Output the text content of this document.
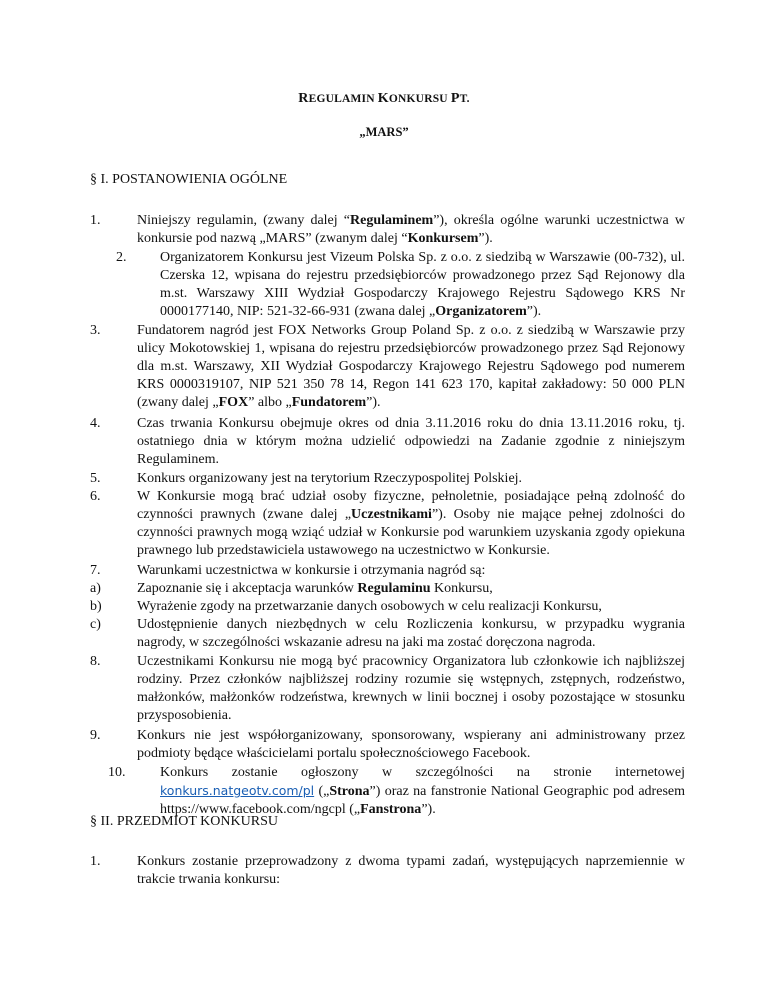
REGULAMIN KONKURSU PT.
„MARS”
§ I. POSTANOWIENIA OGÓLNE
1.	Niniejszy regulamin, (zwany dalej “Regulaminem”), określa ogólne warunki uczestnictwa w konkursie pod nazwą „MARS” (zwanym dalej “Konkursem”).
2. Organizatorem Konkursu jest Vizeum Polska Sp. z o.o. z siedzibą w Warszawie (00-732), ul. Czerska 12, wpisana do rejestru przedsiębiorców prowadzonego przez Sąd Rejonowy dla m.st. Warszawy XIII Wydział Gospodarczy Krajowego Rejestru Sądowego KRS Nr 0000177140, NIP: 521-32-66-931 (zwana dalej „Organizatorem”).
3.	Fundatorem nagród jest FOX Networks Group Poland Sp. z o.o. z siedzibą w Warszawie przy ulicy Mokotowskiej 1, wpisana do rejestru przedsiębiorców prowadzonego przez Sąd Rejonowy dla m.st. Warszawy, XII Wydział Gospodarczy Krajowego Rejestru Sądowego pod numerem KRS 0000319107, NIP 521 350 78 14, Regon 141 623 170, kapitał zakładowy: 50 000 PLN (zwany dalej „FOX” albo „Fundatorem”).
4.	Czas trwania Konkursu obejmuje okres od dnia 3.11.2016 roku do dnia 13.11.2016 roku, tj. ostatniego dnia w którym można udzielić odpowiedzi na Zadanie zgodnie z niniejszym Regulaminem.
5.	Konkurs organizowany jest na terytorium Rzeczypospolitej Polskiej.
6.	W Konkursie mogą brać udział osoby fizyczne, pełnoletnie, posiadające pełną zdolność do czynności prawnych (zwane dalej „Uczestnikami”). Osoby nie mające pełnej zdolności do czynności prawnych mogą wziąć udział w Konkursie pod warunkiem uzyskania zgody opiekuna prawnego lub przedstawiciela ustawowego na uczestnictwo w Konkursie.
7.	Warunkami uczestnictwa w konkursie i otrzymania nagród są:
a)	Zapoznanie się i akceptacja warunków Regulaminu Konkursu,
b)	Wyrażenie zgody na przetwarzanie danych osobowych w celu realizacji Konkursu,
c)	Udostępnienie danych niezbędnych w celu Rozliczenia konkursu, w przypadku wygrania nagrody, w szczególności wskazanie adresu na jaki ma zostać doręczona nagroda.
8.	Uczestnikami Konkursu nie mogą być pracownicy Organizatora lub członkowie ich najbliższej rodziny. Przez członków najbliższej rodziny rozumie się wstępnych, zstępnych, rodzeństwo, małżonków, małżonków rodzeństwa, krewnych w linii bocznej i osoby pozostające w stosunku przysposobienia.
9.	Konkurs nie jest współorganizowany, sponsorowany, wspierany ani administrowany przez podmioty będące właścicielami portalu społecznościowego Facebook.
10. Konkurs zostanie ogłoszony w szczególności na stronie internetowej konkurs.natgeotv.com/pl („Strona”) oraz na fanstronie National Geographic pod adresem https://www.facebook.com/ngcpl („Fanstrona”).
§ II. PRZEDMIOT KONKURSU
1.	Konkurs zostanie przeprowadzony z dwoma typami zadań, występujących naprzemiennie w trakcie trwania konkursu:
